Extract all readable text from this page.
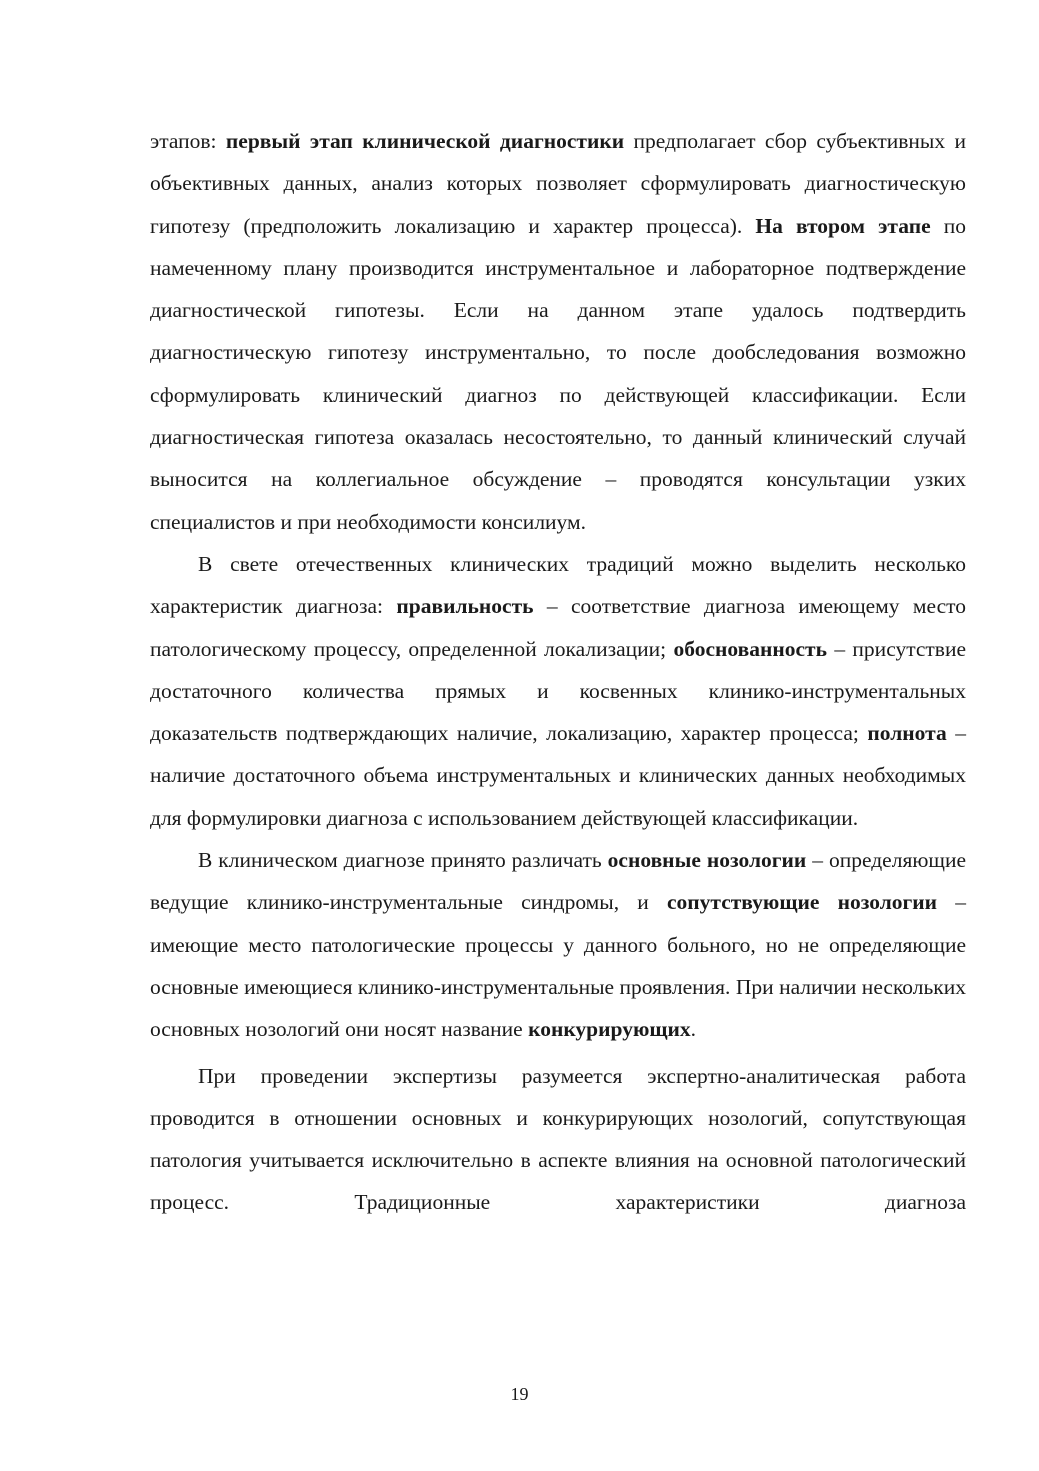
этапов: первый этап клинической диагностики предполагает сбор субъективных и объективных данных, анализ которых позволяет сформулировать диагностическую гипотезу (предположить локализацию и характер процесса). На втором этапе по намеченному плану производится инструментальное и лабораторное подтверждение диагностической гипотезы. Если на данном этапе удалось подтвердить диагностическую гипотезу инструментально, то после дообследования возможно сформулировать клинический диагноз по действующей классификации. Если диагностическая гипотеза оказалась несостоятельно, то данный клинический случай выносится на коллегиальное обсуждение – проводятся консультации узких специалистов и при необходимости консилиум.

В свете отечественных клинических традиций можно выделить несколько характеристик диагноза: правильность – соответствие диагноза имеющему место патологическому процессу, определенной локализации; обоснованность – присутствие достаточного количества прямых и косвенных клинико-инструментальных доказательств подтверждающих наличие, локализацию, характер процесса; полнота – наличие достаточного объема инструментальных и клинических данных необходимых для формулировки диагноза с использованием действующей классификации.

В клиническом диагнозе принято различать основные нозологии – определяющие ведущие клинико-инструментальные синдромы, и сопутствующие нозологии – имеющие место патологические процессы у данного больного, но не определяющие основные имеющиеся клинико-инструментальные проявления. При наличии нескольких основных нозологий они носят название конкурирующих.

При проведении экспертизы разумеется экспертно-аналитическая работа проводится в отношении основных и конкурирующих нозологий, сопутствующая патология учитывается исключительно в аспекте влияния на основной патологический процесс. Традиционные характеристики диагноза

19
